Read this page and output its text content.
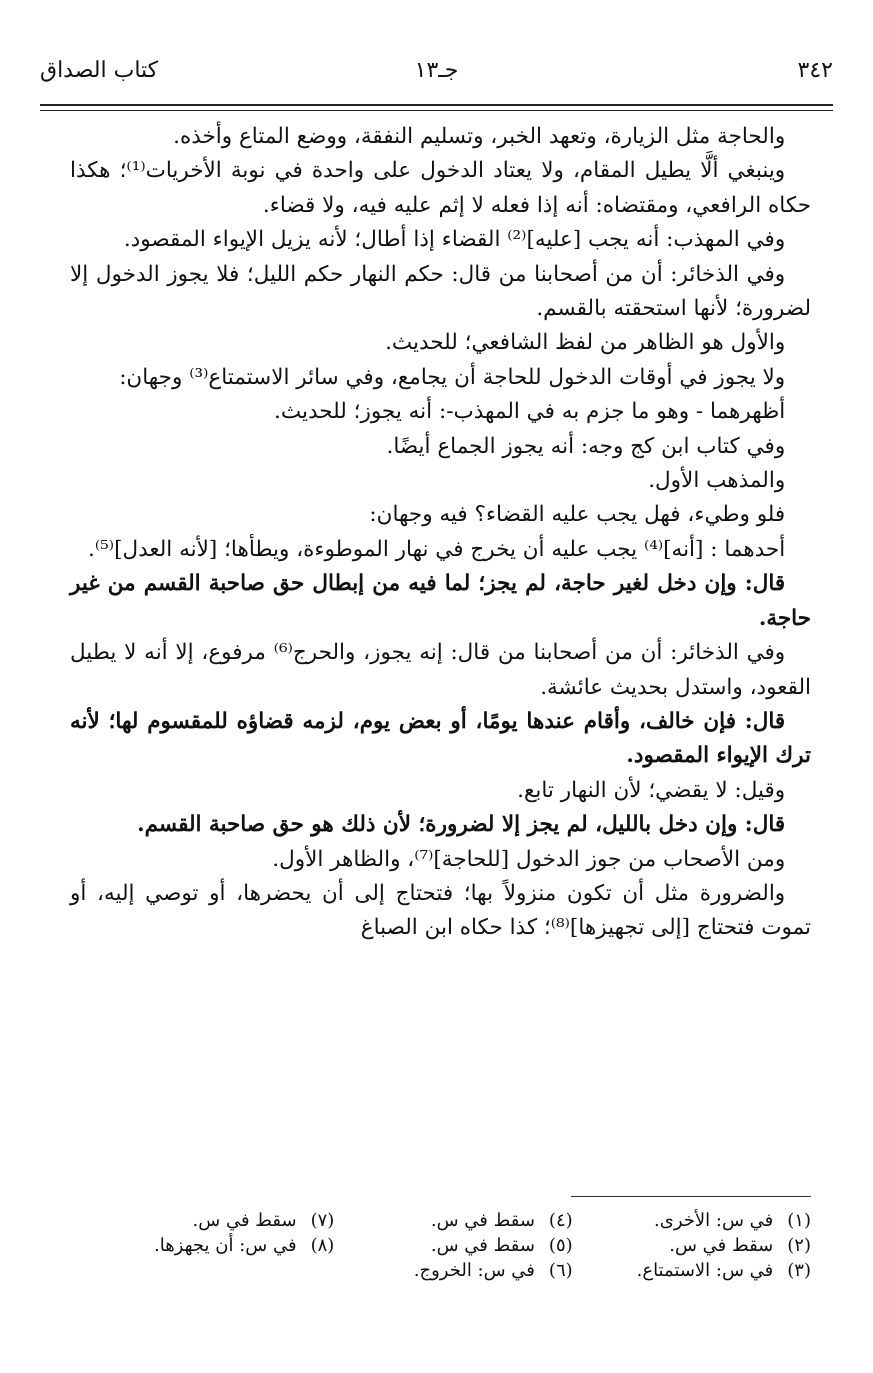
٣٤٢
جـ١٣
كتاب الصداق

والحاجة مثل الزيارة، وتعهد الخبر، وتسليم النفقة، ووضع المتاع وأخذه.

وينبغي ألَّا يطيل المقام، ولا يعتاد الدخول على واحدة في نوبة الأخريات⁽¹⁾؛ هكذا حكاه الرافعي، ومقتضاه: أنه إذا فعله لا إثم عليه فيه، ولا قضاء.

وفي المهذب: أنه يجب [عليه]⁽²⁾ القضاء إذا أطال؛ لأنه يزيل الإيواء المقصود.

وفي الذخائر: أن من أصحابنا من قال: حكم النهار حكم الليل؛ فلا يجوز الدخول إلا لضرورة؛ لأنها استحقته بالقسم.

والأول هو الظاهر من لفظ الشافعي؛ للحديث.

ولا يجوز في أوقات الدخول للحاجة أن يجامع، وفي سائر الاستمتاع⁽³⁾ وجهان:

أظهرهما - وهو ما جزم به في المهذب-: أنه يجوز؛ للحديث.

وفي كتاب ابن كج وجه: أنه يجوز الجماع أيضًا.

والمذهب الأول.

فلو وطيء، فهل يجب عليه القضاء؟ فيه وجهان:

أحدهما : [أنه]⁽⁴⁾ يجب عليه أن يخرج في نهار الموطوءة، ويطأها؛ [لأنه العدل]⁽⁵⁾.

قال: وإن دخل لغير حاجة، لم يجز؛ لما فيه من إبطال حق صاحبة القسم من غير حاجة.

وفي الذخائر: أن من أصحابنا من قال: إنه يجوز، والحرج⁽⁶⁾ مرفوع، إلا أنه لا يطيل القعود، واستدل بحديث عائشة.

قال: فإن خالف، وأقام عندها يومًا، أو بعض يوم، لزمه قضاؤه للمقسوم لها؛ لأنه ترك الإيواء المقصود.

وقيل: لا يقضي؛ لأن النهار تابع.

قال: وإن دخل بالليل، لم يجز إلا لضرورة؛ لأن ذلك هو حق صاحبة القسم.

ومن الأصحاب من جوز الدخول [للحاجة]⁽⁷⁾، والظاهر الأول.

والضرورة مثل أن تكون منزولاً بها؛ فتحتاج إلى أن يحضرها، أو توصي إليه، أو تموت فتحتاج [إلى تجهيزها]⁽⁸⁾؛ كذا حكاه ابن الصباغ

(١) في س: الأخرى.
(٢) سقط في س.
(٣) في س: الاستمتاع.
(٤) سقط في س.
(٥) سقط في س.
(٦) في س: الخروج.
(٧) سقط في س.
(٨) في س: أن يجهزها.
